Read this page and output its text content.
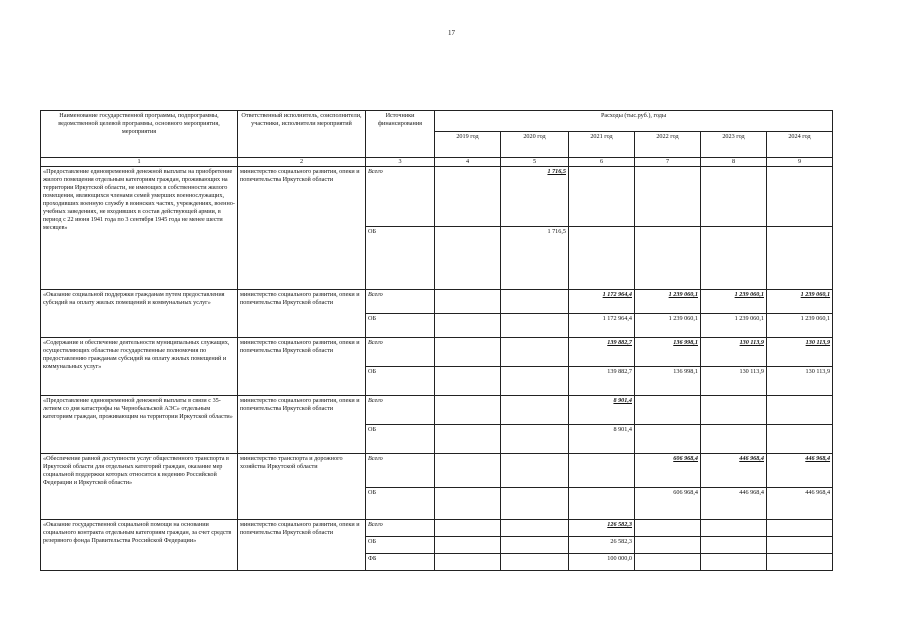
17
Наименование государственной программы, подпрограммы, ведомственной целевой программы, основного мероприятия, мероприятия	Ответственный исполнитель, соисполнители, участники, исполнители мероприятий	Источники финансирования	Расходы (тыс.руб.), годы					
			2019 год	2020 год	2021 год	2022 год	2023 год	2024 год
1	2	3	4	5	6	7	8	9
«Предоставление единовременной денежной выплаты на приобретение жилого помещения отдельным категориям граждан, проживающих на территории Иркутской области, не имеющих в собственности жилого помещения, являющихся членами семей умерших военнослужащих, проходивших военную службу в воинских частях, учреждениях, военно-учебных заведениях, не входивших в состав действующей армии, в период с 22 июня 1941 года по 3 сентября 1945 года не менее шести месяцев»	министерство социального развития, опеки и попечительства Иркутской области	Всего		1 716,5				
		ОБ		1 716,5				
«Оказание социальной поддержки гражданам путем предоставления субсидий на оплату жилых помещений и коммунальных услуг»	министерство социального развития, опеки и попечительства Иркутской области	Всего			1 172 964,4	1 239 060,1	1 239 060,1	1 239 060,1
		ОБ			1 172 964,4	1 239 060,1	1 239 060,1	1 239 060,1
«Содержание и обеспечение деятельности муниципальных служащих, осуществляющих областные государственные полномочия по предоставлению гражданам субсидий на оплату жилых помещений и коммунальных услуг»	министерство социального развития, опеки и попечительства Иркутской области	Всего			139 882,7	136 998,1	130 113,9	130 113,9
		ОБ			139 882,7	136 998,1	130 113,9	130 113,9
«Предоставление единовременной денежной выплаты в связи с 35-летием со дня катастрофы на Чернобыльской АЭС» отдельным категориям граждан, проживающим на территории Иркутской области»	министерство социального развития, опеки и попечительства Иркутской области	Всего			8 901,4			
		ОБ			8 901,4			
«Обеспечение равной доступности услуг общественного транспорта в Иркутской области для отдельных категорий граждан, оказание мер социальной поддержки которых относится к ведению Российской Федерации и Иркутской области»	министерство транспорта и дорожного хозяйства Иркутской области	Всего				606 968,4	446 968,4	446 968,4
		ОБ				606 968,4	446 968,4	446 968,4
«Оказание государственной социальной помощи на основании социального контракта отдельным категориям граждан, за счет средств резервного фонда Правительства Российской Федерации»	министерство социального развития, опеки и попечительства Иркутской области	Всего			126 582,3			
		ОБ			26 582,3			
		ФБ			100 000,0			
